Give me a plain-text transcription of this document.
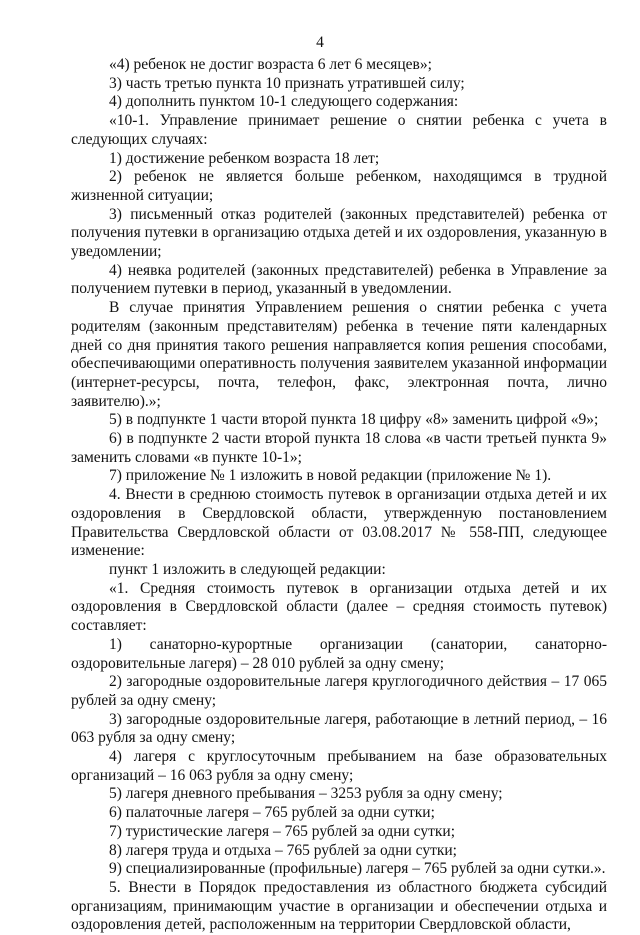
4

«4) ребенок не достиг возраста 6 лет 6 месяцев»;

3) часть третью пункта 10 признать утратившей силу;

4) дополнить пунктом 10-1 следующего содержания:

«10-1. Управление принимает решение о снятии ребенка с учета в следующих случаях:

1) достижение ребенком возраста 18 лет;

2) ребенок не является больше ребенком, находящимся в трудной жизненной ситуации;

3) письменный отказ родителей (законных представителей) ребенка от получения путевки в организацию отдыха детей и их оздоровления, указанную в уведомлении;

4) неявка родителей (законных представителей) ребенка в Управление за получением путевки в период, указанный в уведомлении.

В случае принятия Управлением решения о снятии ребенка с учета родителям (законным представителям) ребенка в течение пяти календарных дней со дня принятия такого решения направляется копия решения способами, обеспечивающими оперативность получения заявителем указанной информации (интернет-ресурсы, почта, телефон, факс, электронная почта, лично заявителю).»;

5) в подпункте 1 части второй пункта 18 цифру «8» заменить цифрой «9»;

6) в подпункте 2 части второй пункта 18 слова «в части третьей пункта 9» заменить словами «в пункте 10-1»;

7) приложение № 1 изложить в новой редакции (приложение № 1).

4. Внести в среднюю стоимость путевок в организации отдыха детей и их оздоровления в Свердловской области, утвержденную постановлением Правительства Свердловской области от 03.08.2017 № 558-ПП, следующее изменение:

пункт 1 изложить в следующей редакции:

«1. Средняя стоимость путевок в организации отдыха детей и их оздоровления в Свердловской области (далее – средняя стоимость путевок) составляет:

1) санаторно-курортные организации (санатории, санаторно-оздоровительные лагеря) – 28 010 рублей за одну смену;

2) загородные оздоровительные лагеря круглогодичного действия – 17 065 рублей за одну смену;

3) загородные оздоровительные лагеря, работающие в летний период, – 16 063 рубля за одну смену;

4) лагеря с круглосуточным пребыванием на базе образовательных организаций – 16 063 рубля за одну смену;

5) лагеря дневного пребывания – 3253 рубля за одну смену;

6) палаточные лагеря – 765 рублей за одни сутки;

7) туристические лагеря – 765 рублей за одни сутки;

8) лагеря труда и отдыха – 765 рублей за одни сутки;

9) специализированные (профильные) лагеря – 765 рублей за одни сутки.».

5. Внести в Порядок предоставления из областного бюджета субсидий организациям, принимающим участие в организации и обеспечении отдыха и оздоровления детей, расположенным на территории Свердловской области,
